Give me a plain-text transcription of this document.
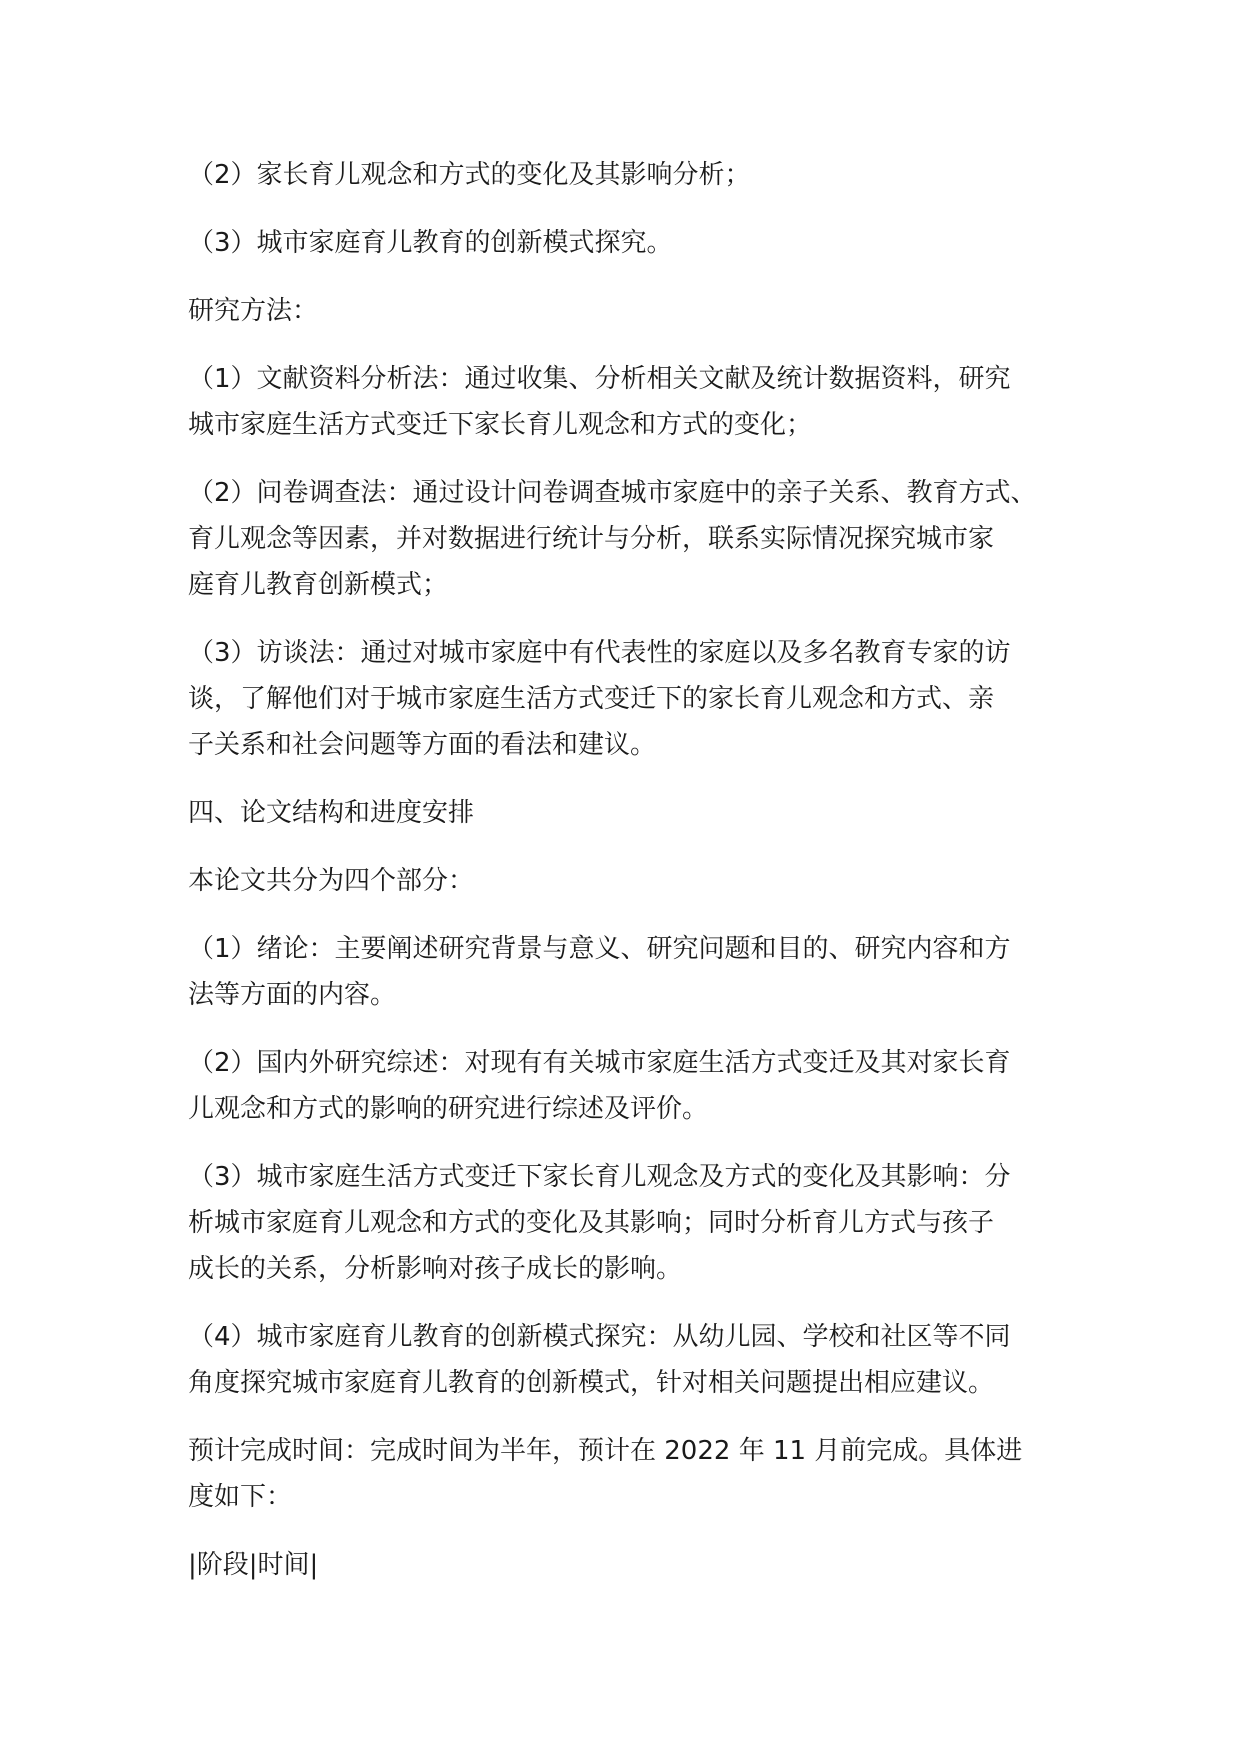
（2）家长育儿观念和方式的变化及其影响分析；

（3）城市家庭育儿教育的创新模式探究。

研究方法：

（1）文献资料分析法：通过收集、分析相关文献及统计数据资料，研究
城市家庭生活方式变迁下家长育儿观念和方式的变化；

（2）问卷调查法：通过设计问卷调查城市家庭中的亲子关系、教育方式、
育儿观念等因素，并对数据进行统计与分析，联系实际情况探究城市家
庭育儿教育创新模式；

（3）访谈法：通过对城市家庭中有代表性的家庭以及多名教育专家的访
谈，了解他们对于城市家庭生活方式变迁下的家长育儿观念和方式、亲
子关系和社会问题等方面的看法和建议。

四、论文结构和进度安排

本论文共分为四个部分：

（1）绪论：主要阐述研究背景与意义、研究问题和目的、研究内容和方
法等方面的内容。

（2）国内外研究综述：对现有有关城市家庭生活方式变迁及其对家长育
儿观念和方式的影响的研究进行综述及评价。

（3）城市家庭生活方式变迁下家长育儿观念及方式的变化及其影响：分
析城市家庭育儿观念和方式的变化及其影响；同时分析育儿方式与孩子
成长的关系，分析影响对孩子成长的影响。

（4）城市家庭育儿教育的创新模式探究：从幼儿园、学校和社区等不同
角度探究城市家庭育儿教育的创新模式，针对相关问题提出相应建议。

预计完成时间：完成时间为半年，预计在 2022 年 11 月前完成。具体进
度如下：

|阶段|时间|
